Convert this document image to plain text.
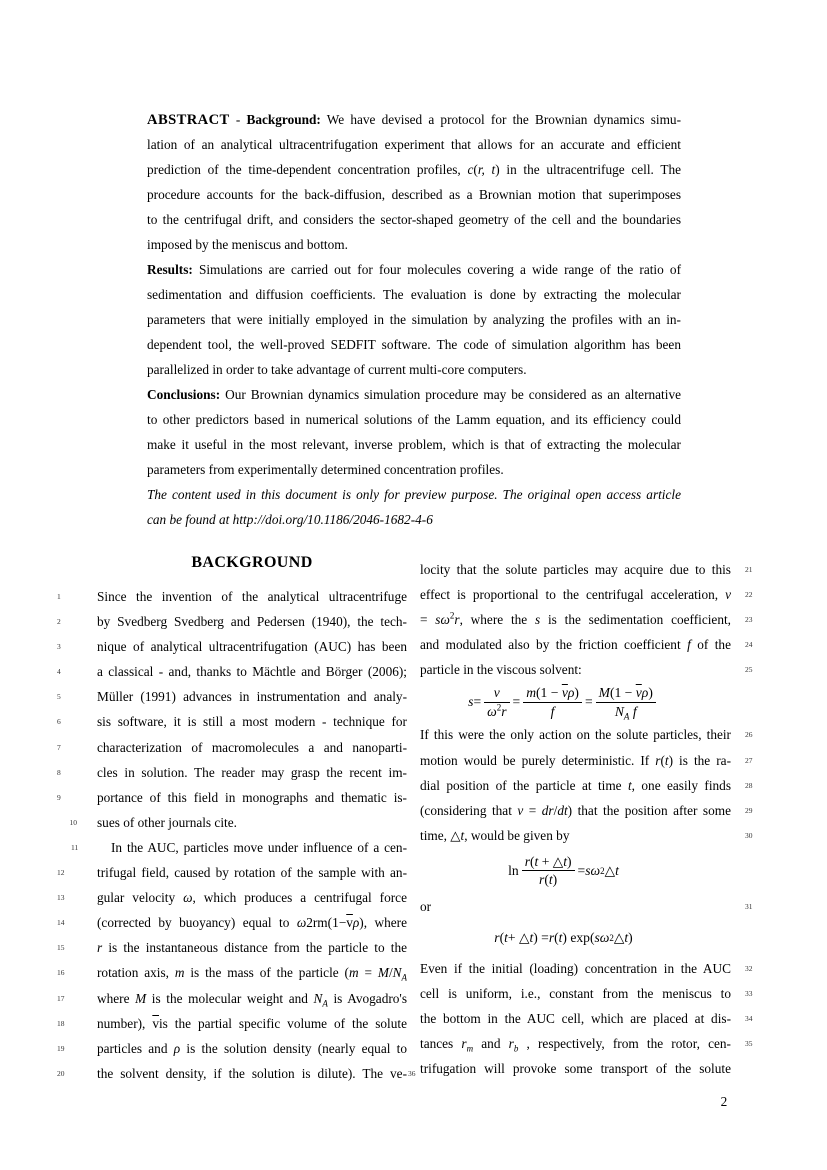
ABSTRACT - Background: We have devised a protocol for the Brownian dynamics simu-
lation of an analytical ultracentrifugation experiment that allows for an accurate and efficient
prediction of the time-dependent concentration profiles, c(r, t) in the ultracentrifuge cell. The
procedure accounts for the back-diffusion, described as a Brownian motion that superimposes
to the centrifugal drift, and considers the sector-shaped geometry of the cell and the boundaries
imposed by the meniscus and bottom.
Results: Simulations are carried out for four molecules covering a wide range of the ratio of
sedimentation and diffusion coefficients. The evaluation is done by extracting the molecular
parameters that were initially employed in the simulation by analyzing the profiles with an in-
dependent tool, the well-proved SEDFIT software. The code of simulation algorithm has been
parallelized in order to take advantage of current multi-core computers.
Conclusions: Our Brownian dynamics simulation procedure may be considered as an alternative
to other predictors based in numerical solutions of the Lamm equation, and its efficiency could
make it useful in the most relevant, inverse problem, which is that of extracting the molecular
parameters from experimentally determined concentration profiles.
The content used in this document is only for preview purpose. The original open access article
can be found at http://doi.org/10.1186/2046-1682-4-6
BACKGROUND
Since the invention of the analytical ultracentrifuge
1
by Svedberg Svedberg and Pedersen (1940), the tech-
2
nique of analytical ultracentrifugation (AUC) has been
3
a classical - and, thanks to Mächtle and Börger (2006);
4
Müller (1991) advances in instrumentation and analy-
5
sis software, it is still a most modern - technique for
6
characterization of macromolecules a and nanoparti-
7
cles in solution. The reader may grasp the recent im-
8
portance of this field in monographs and thematic is-
9
sues of other journals cite.
10
In the AUC, particles move under influence of a cen-
11
trifugal field, caused by rotation of the sample with an-
12
gular velocity ω, which produces a centrifugal force
13
(corrected by buoyancy) equal to $\omega 2rm(1-\overline{v}\rho)$, where
14
r is the instantaneous distance from the particle to the
15
rotation axis, m is the mass of the particle ($m = M/N_A$
16
where M is the molecular weight and $N_A$ is Avogadro's
17
number), $\overline{v}is$ the partial specific volume of the solute
18
particles and ρ is the solution density (nearly equal to
19
the solvent density, if the solution is dilute). The ve-
20	36
locity that the solute particles may acquire due to this 21
effect is proportional to the centrifugal acceleration, v 22
= $s\omega^2r$, where the s is the sedimentation coefficient, 23
and modulated also by the friction coefficient f of the 24
particle in the viscous solvent:	25
$s = \frac{\nu}{\omega^2r} = \frac{m(1 - \overline{\nu}\rho)}{f} = \frac{M(1 - \overline{\nu}\rho)}{N_A f}$
If this were the only action on the solute particles, their 26
motion would be purely deterministic. If r(t) is the ra- 27
dial position of the particle at time t, one easily finds 28
(considering that v = dr/dt) that the position after some 29
time, △t, would be given by	30
$\ln \frac{r(t + \triangle t)}{r(t)} = s\omega$ 2 △ t
or	31
r ( t + △ t ) = r ( t ) exp( sω 2 △ t )
Even if the initial (loading) concentration in the AUC 32
cell is uniform, i.e., constant from the meniscus to 33
the bottom in the AUC cell, which are placed at dis- 34
tances $r_m$ and $r_b$ , respectively, from the rotor, cen- 35
trifugation will provoke some transport of the solute
2
